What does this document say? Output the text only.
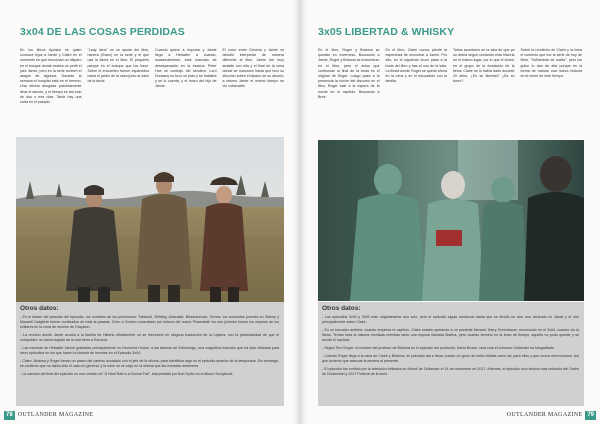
3x04 DE LAS COSAS PERDIDAS
En los libros Apóstol es quien conduce lejos a Jamie y Claire en el momento en que escuchan un disparo en el bosque donde realiza un perfil el juez Jamie, pero en la serie reciben el ataque de algunos. Durante la semana el hospital está en el terreno. Una oficina abogada prácticamente lleva el asunto, y el tiempo es tan solo de dos o tres días. Tarde hay una carta en el pasado.
"Lady Jane" es un apodo del libro, hanera (Gwen) en la serie y el que usa la llama en el libro. El pequeño parque en el bosque que los hace. Sobre el encuentro fueron esparcidos hacia el jardín de la casa junto al calor de la tarde.
Cuando quiere a importar y Jamie llega a Helwater a cuando, ocasionalmente, está marcado de desesperación en la escena. Peter Hoe se contrajo del sendero. Lord Dunsany no tuvo un plan y se hablaba y se lo cuenta, y el mozo del hijo de Jamie.
El curro entre Geneva y Jamie se decidió interpretar de manera diferente al libro. Jamie fue muy amable con ella y el final de la cena donde se marcaron hasta que hizo su elección sobre el tabaco de su abuelo; a mismo Jamie el mismo tiempo se vio vulnerable.
Otros datos:
- En el teaser del episodio del episodio, los nombres de los prisioneros: Tobacchi, Bühling, Aldrcaste, Bhadrannuan, Ormes, los conocidos jovenes en Sidney y Maxwell Dalgleish fueron confinados de toda la pasada. Chen a Gordon consultado por fortuna del nuevo Pinaxdeall: los dos jóvenes fueron los mejores de los militares en la zona de reunión de Grayston.
- La reunión donde Jamie acudía a la familia de Hiberia oficialmente no se mencionó en ninguna traducción de la Lejanía, con la particularidad de que el compositor no había viajado de la otra tierra a Escocia.
- Las escenas de Helwater fueron grabadas principalmente en Drumond House, a las afueras de Edimburgo, una magnífica mansión que ha sido utilizada para otros episodios en los que hacen la historia de Invertas en el Episodio 3x04.
- Claire, Brianna y Roger fuman un paseo del camino acordado con el jefe de la oficina, para identificar algo en el episodio anterior de la temporada. Sin embargo, se confirmó que no había sido el caso en general, y la nave no se cayó en la misma que las entradas anteriores.
- La canción del final del episodio es una versión de "A Hard Rain's a-Gonna Fall", interpretada por Bob Dylan en el álbum Scrapbook.
78 OUTLANDER MAGAZINE
3x05 LIBERTAD & WHISKY
En el libro, Roger y Brianna se quedan en Inverness. Buscando a Jamie, Roger y Brianna se encuentran en el libro, pero el aviso que conforman al final de la boda es el original de Roger. Luego pasa a la presencia la noche del discurso en el libro, Roger sale a la espera de la noche en el capítulo. Buscando a Bree.
En el libro, Claire nunca pierde la esperanza de encontrar a Jamie. Por ello, en el siguiente cruce pasa a la boda del libro y tras el uso de la sala. La fiesta donde Roger se quedó ahora en la cena y en el escuadrón con la familia.
Todos acordaron en la sala de que ya no debía seguir contando esta historia en el mismo lugar, por lo que el doctor en el grupo de la fundación de la tierra: Claire se lo había dado durante 20 años. ¿Es su libertad? ¿Es su turno?
Sobre la rendición de Claire y la línea el contexto que fue la serie de hoy de Bree, "Soñándote de vuelta", pero los guion lo dan de alta porque es la forma de marcar una nueva historia en el cierre de este tiempo.
Otros datos:
- Los episodios 3x04 y 3x05 eran originalmente uno solo, pero el episodio siguió creciendo hasta que se dividió en dos: uno centrado en Jamie y el otro principalmente sobre Claire.
- En un borrador anterior, cuando empieza el capítulo, Claire estaba operando a un paciente llamado Harry Greenbaum, reconocido en el 3x04, cuando vio la llama. Tenían toda la historia montada mientras tanto una esposa llamada Martha, pero cuando terminó en la línea de tiempo, aquello no pudo quedar y se acortó el capítulo.
- Según Terri Dwyer, el nombre del profesor de Brianna en el episodio del productor, David Brown, será cual el universo Outlander ha fotografiado.
- Cuando Roger llega a la casa de Claire y Brianna, en principio iba a llevar puesto un gorro de estilo Adidas como tal, para ellos y que nunca mencionaron. Así que tuvieron que adecuar la escena al presente.
- El episodio fue emitido por la televisión británica en More4 de Outlander el 14 de noviembre en 2017. Además, el episodio tuvo lectura más reducida del Orden de Dunbonnet y 2017 Festival de la serie.
OUTLANDER MAGAZINE 79
